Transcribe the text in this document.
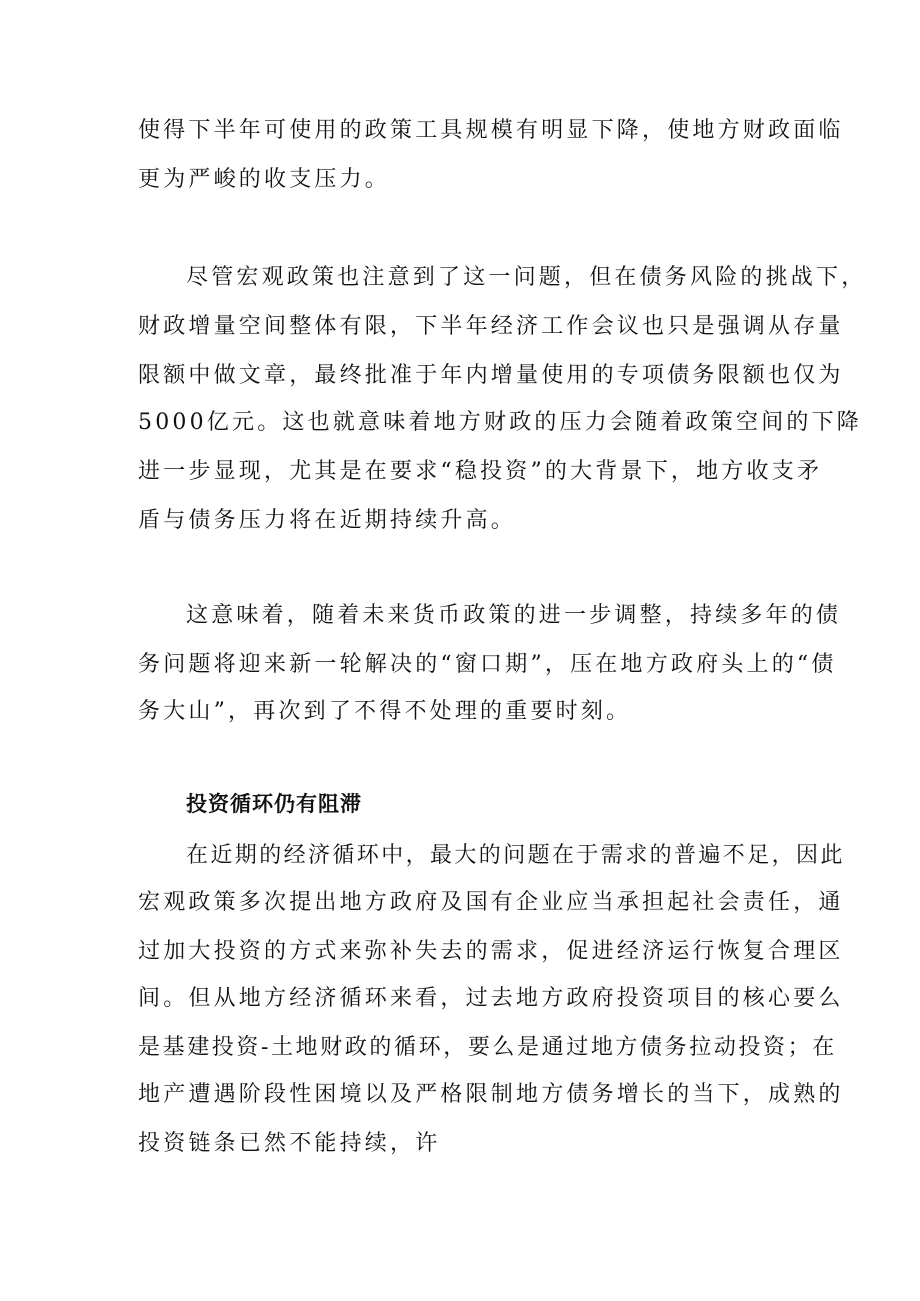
使得下半年可使用的政策工具规模有明显下降，使地方财政面临

更为严峻的收支压力。

尽管宏观政策也注意到了这一问题，但在债务风险的挑战下，

财政增量空间整体有限，下半年经济工作会议也只是强调从存量

限额中做文章，最终批准于年内增量使用的专项债务限额也仅为

5000亿元。这也就意味着地方财政的压力会随着政策空间的下降

进一步显现，尤其是在要求“稳投资”的大背景下，地方收支矛

盾与债务压力将在近期持续升高。

这意味着，随着未来货币政策的进一步调整，持续多年的债

务问题将迎来新一轮解决的“窗口期”，压在地方政府头上的“债

务大山”，再次到了不得不处理的重要时刻。

投资循环仍有阻滞

在近期的经济循环中，最大的问题在于需求的普遍不足，因此

宏观政策多次提出地方政府及国有企业应当承担起社会责任，通

过加大投资的方式来弥补失去的需求，促进经济运行恢复合理区

间。但从地方经济循环来看，过去地方政府投资项目的核心要么

是基建投资-土地财政的循环，要么是通过地方债务拉动投资；在

地产遭遇阶段性困境以及严格限制地方债务增长的当下，成熟的

投资链条已然不能持续，许
